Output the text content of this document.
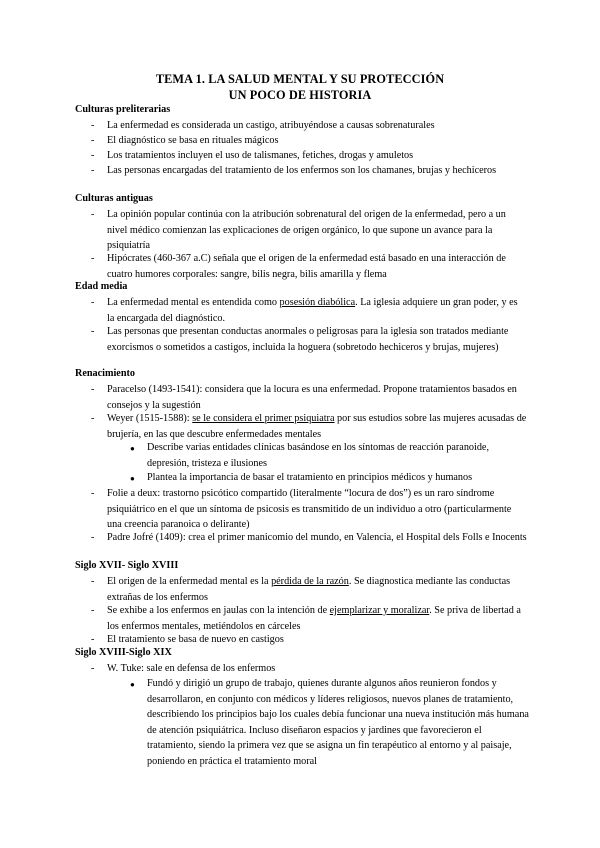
TEMA 1. LA SALUD MENTAL Y SU PROTECCIÓN
UN POCO DE HISTORIA
Culturas preliterarias
- La enfermedad es considerada un castigo, atribuyéndose a causas sobrenaturales
- El diagnóstico se basa en rituales mágicos
- Los tratamientos incluyen el uso de talismanes, fetiches, drogas y amuletos
- Las personas encargadas del tratamiento de los enfermos son los chamanes, brujas y hechiceros
Culturas antiguas
- La opinión popular continúa con la atribución sobrenatural del origen de la enfermedad, pero a un nivel médico comienzan las explicaciones de origen orgánico, lo que supone un avance para la psiquiatría
- Hipócrates (460-367 a.C) señala que el origen de la enfermedad está basado en una interacción de cuatro humores corporales: sangre, bilis negra, bilis amarilla y flema
Edad media
- La enfermedad mental es entendida como posesión diabólica. La iglesia adquiere un gran poder, y es la encargada del diagnóstico.
- Las personas que presentan conductas anormales o peligrosas para la iglesia son tratados mediante exorcismos o sometidos a castigos, incluida la hoguera (sobretodo hechiceros y brujas, mujeres)
Renacimiento
- Paracelso (1493-1541): considera que la locura es una enfermedad. Propone tratamientos basados en consejos y la sugestión
- Weyer (1515-1588): se le considera el primer psiquiatra por sus estudios sobre las mujeres acusadas de brujería, en las que descubre enfermedades mentales
● Describe varias entidades clínicas basándose en los síntomas de reacción paranoide, depresión, tristeza e ilusiones
● Plantea la importancia de basar el tratamiento en principios médicos y humanos
- Folie a deux: trastorno psicótico compartido (literalmente “locura de dos”) es un raro síndrome psiquiátrico en el que un síntoma de psicosis es transmitido de un individuo a otro (particularmente una creencia paranoica o delirante)
- Padre Jofré (1409): crea el primer manicomio del mundo, en Valencia, el Hospital dels Folls e Inocents
Siglo XVII- Siglo XVIII
- El origen de la enfermedad mental es la pérdida de la razón. Se diagnostica mediante las conductas extrañas de los enfermos
- Se exhibe a los enfermos en jaulas con la intención de ejemplarizar y moralizar. Se priva de libertad a los enfermos mentales, metiéndolos en cárceles
- El tratamiento se basa de nuevo en castigos
Siglo XVIII-Siglo XIX
- W. Tuke: sale en defensa de los enfermos
● Fundó y dirigió un grupo de trabajo, quienes durante algunos años reunieron fondos y desarrollaron, en conjunto con médicos y líderes religiosos, nuevos planes de tratamiento, describiendo los principios bajo los cuales debía funcionar una nueva institución más humana de atención psiquiátrica. Incluso diseñaron espacios y jardines que favorecieron el tratamiento, siendo la primera vez que se asigna un fin terapéutico al entorno y al paisaje, poniendo en práctica el tratamiento moral
